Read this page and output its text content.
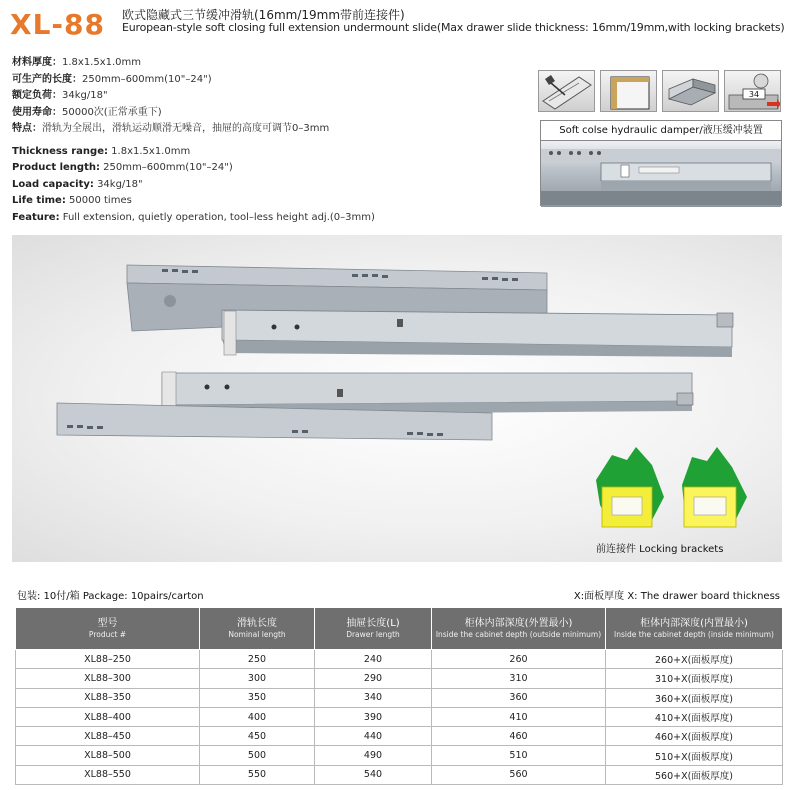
XL-88 欧式隐藏式三节缓冲滑轨(16mm/19mm带前连接件)
European-style soft closing full extension undermount slide(Max drawer slide thickness: 16mm/19mm,with locking brackets)
材料厚度：1.8x1.5x1.0mm
可生产的长度：250mm–600mm(10"–24")
额定负荷：34kg/18"
使用寿命：50000次(正常承重下)
特点：滑轨为全展出，滑轨运动顺滑无噪音，抽屉的高度可调节0–3mm
Thickness range: 1.8x1.5x1.0mm
Product length: 250mm–600mm(10"–24")
Load capacity: 34kg/18"
Life time: 50000 times
Feature: Full extension, quietly operation, tool–less height adj.(0–3mm)
34
Soft colse hydraulic damper/液压缓冲装置
前连接件 Locking brackets
包装: 10付/箱 Package: 10pairs/carton	X:面板厚度 X: The drawer board thickness
型号
Product #	滑轨长度
Nominal length	抽屉长度(L)
Drawer length	柜体内部深度(外置最小)
Inside the cabinet depth (outside minimum)	柜体内部深度(内置最小)
Inside the cabinet depth (inside minimum)

XL88–250	250	240	260	260+X(面板厚度)
XL88–300	300	290	310	310+X(面板厚度)
XL88–350	350	340	360	360+X(面板厚度)
XL88–400	400	390	410	410+X(面板厚度)
XL88–450	450	440	460	460+X(面板厚度)
XL88–500	500	490	510	510+X(面板厚度)
XL88–550	550	540	560	560+X(面板厚度)
